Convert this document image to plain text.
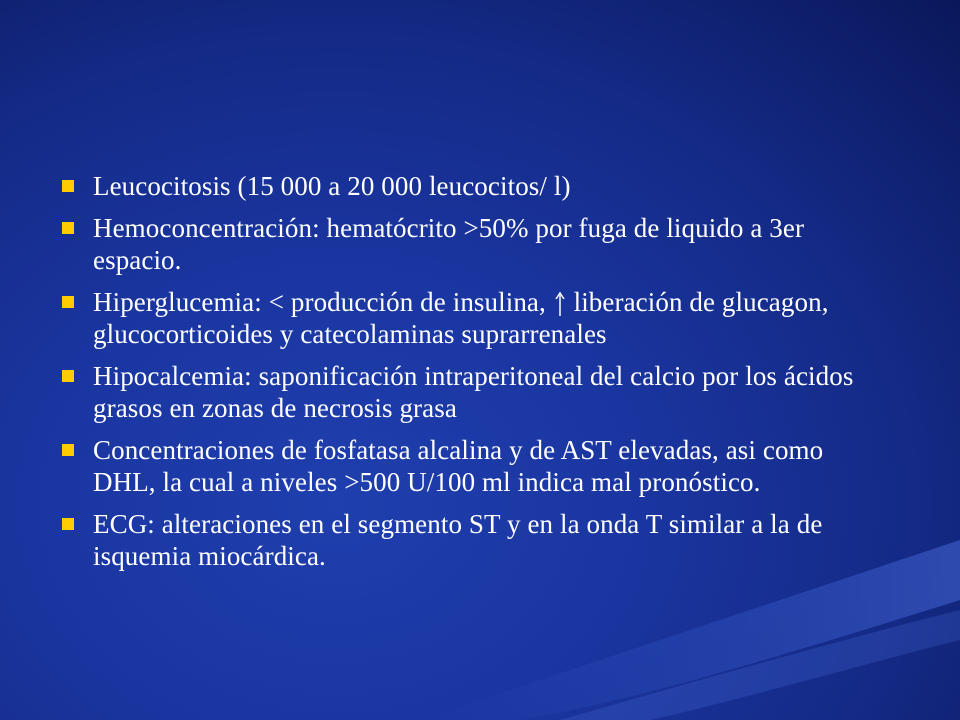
Leucocitosis (15 000 a 20 000 leucocitos/ l)
Hemoconcentración: hematócrito >50% por fuga de liquido a 3er espacio.
Hiperglucemia: < producción de insulina, liberación de glucagon, glucocorticoides y catecolaminas suprarrenales
Hipocalcemia: saponificación intraperitoneal del calcio por los ácidos grasos en zonas de necrosis grasa
Concentraciones de fosfatasa alcalina y de AST elevadas, asi como DHL, la cual a niveles >500 U/100 ml indica mal pronóstico.
ECG: alteraciones en el segmento ST y en la onda T similar a la de isquemia miocárdica.
